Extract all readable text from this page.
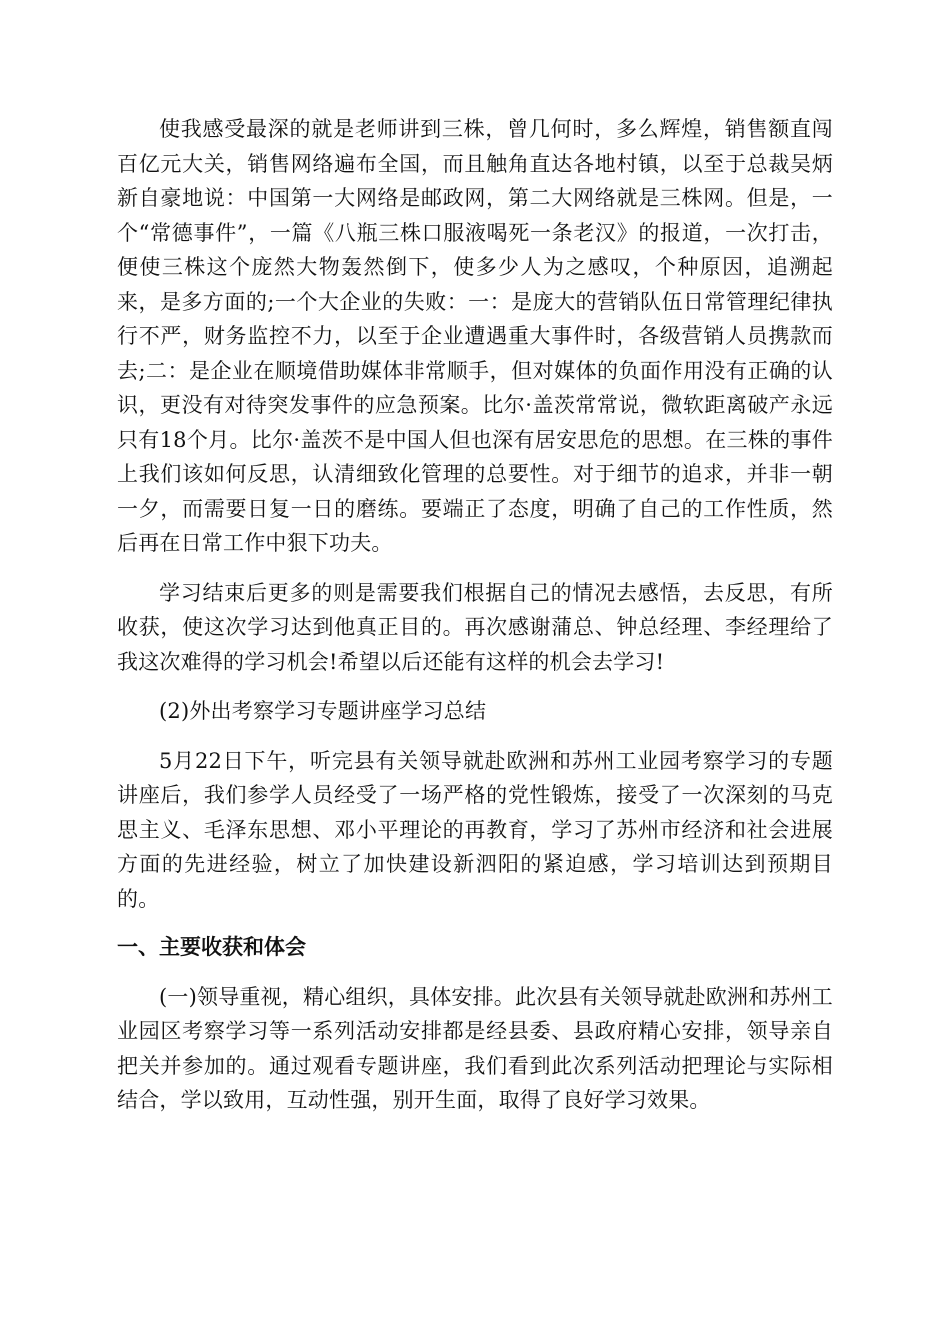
使我感受最深的就是老师讲到三株，曾几何时，多么辉煌，销售额直闯百亿元大关，销售网络遍布全国，而且触角直达各地村镇，以至于总裁吴炳新自豪地说：中国第一大网络是邮政网，第二大网络就是三株网。但是，一个“常德事件”，一篇《八瓶三株口服液喝死一条老汉》的报道，一次打击，便使三株这个庞然大物轰然倒下，使多少人为之感叹，个种原因，追溯起来，是多方面的;一个大企业的失败：一：是庞大的营销队伍日常管理纪律执行不严，财务监控不力，以至于企业遭遇重大事件时，各级营销人员携款而去;二：是企业在顺境借助媒体非常顺手，但对媒体的负面作用没有正确的认识，更没有对待突发事件的应急预案。比尔·盖茨常常说，微软距离破产永远只有18个月。比尔·盖茨不是中国人但也深有居安思危的思想。在三株的事件上我们该如何反思，认清细致化管理的总要性。对于细节的追求，并非一朝一夕，而需要日复一日的磨练。要端正了态度，明确了自己的工作性质，然后再在日常工作中狠下功夫。

学习结束后更多的则是需要我们根据自己的情况去感悟，去反思，有所收获，使这次学习达到他真正目的。再次感谢蒲总、钟总经理、李经理给了我这次难得的学习机会!希望以后还能有这样的机会去学习!

(2)外出考察学习专题讲座学习总结

5月22日下午，听完县有关领导就赴欧洲和苏州工业园考察学习的专题讲座后，我们参学人员经受了一场严格的党性锻炼，接受了一次深刻的马克思主义、毛泽东思想、邓小平理论的再教育，学习了苏州市经济和社会进展方面的先进经验，树立了加快建设新泗阳的紧迫感，学习培训达到预期目的。

一、主要收获和体会

(一)领导重视，精心组织，具体安排。此次县有关领导就赴欧洲和苏州工业园区考察学习等一系列活动安排都是经县委、县政府精心安排，领导亲自把关并参加的。通过观看专题讲座，我们看到此次系列活动把理论与实际相结合，学以致用，互动性强，别开生面，取得了良好学习效果。
